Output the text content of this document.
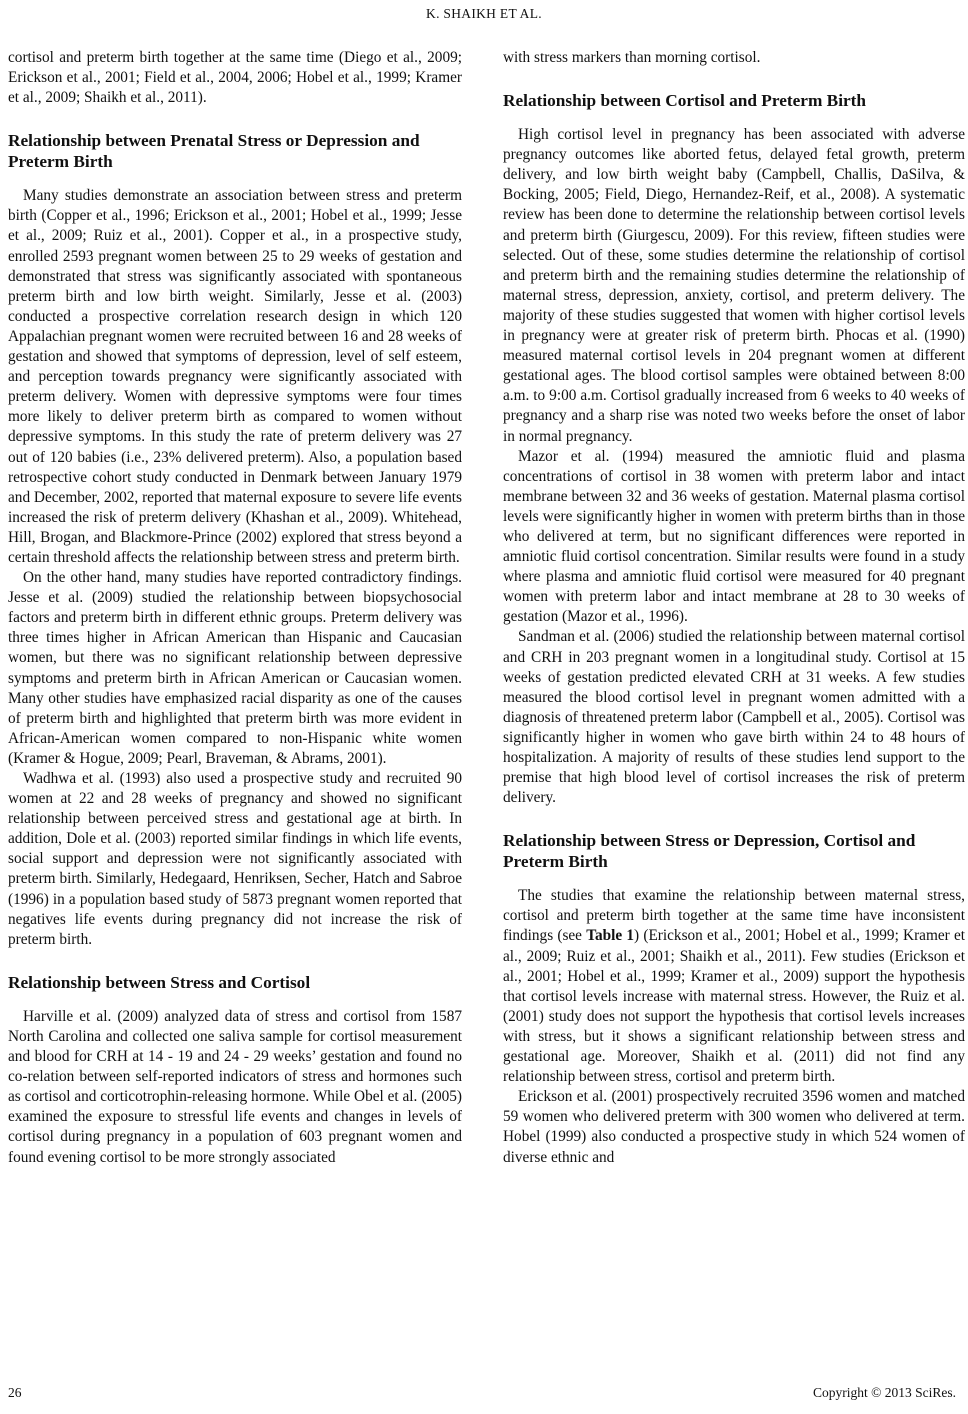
K. SHAIKH ET AL.

cortisol and preterm birth together at the same time (Diego et al., 2009; Erickson et al., 2001; Field et al., 2004, 2006; Hobel et al., 1999; Kramer et al., 2009; Shaikh et al., 2011).

Relationship between Prenatal Stress or Depression and Preterm Birth

Many studies demonstrate an association between stress and preterm birth (Copper et al., 1996; Erickson et al., 2001; Hobel et al., 1999; Jesse et al., 2009; Ruiz et al., 2001). Copper et al., in a prospective study, enrolled 2593 pregnant women between 25 to 29 weeks of gestation and demonstrated that stress was significantly associated with spontaneous preterm birth and low birth weight. Similarly, Jesse et al. (2003) conducted a prospective correlation research design in which 120 Appalachian pregnant women were recruited between 16 and 28 weeks of gestation and showed that symptoms of depression, level of self esteem, and perception towards pregnancy were significantly associated with preterm delivery. Women with depressive symptoms were four times more likely to deliver preterm birth as compared to women without depressive symptoms. In this study the rate of preterm delivery was 27 out of 120 babies (i.e., 23% delivered preterm). Also, a population based retrospective cohort study conducted in Denmark between January 1979 and December, 2002, reported that maternal exposure to severe life events increased the risk of preterm delivery (Khashan et al., 2009). Whitehead, Hill, Brogan, and Blackmore-Prince (2002) explored that stress beyond a certain threshold affects the relationship between stress and preterm birth.

On the other hand, many studies have reported contradictory findings. Jesse et al. (2009) studied the relationship between biopsychosocial factors and preterm birth in different ethnic groups. Preterm delivery was three times higher in African American than Hispanic and Caucasian women, but there was no significant relationship between depressive symptoms and preterm birth in African American or Caucasian women. Many other studies have emphasized racial disparity as one of the causes of preterm birth and highlighted that preterm birth was more evident in African-American women compared to non-Hispanic white women (Kramer & Hogue, 2009; Pearl, Braveman, & Abrams, 2001).

Wadhwa et al. (1993) also used a prospective study and recruited 90 women at 22 and 28 weeks of pregnancy and showed no significant relationship between perceived stress and gestational age at birth. In addition, Dole et al. (2003) reported similar findings in which life events, social support and depression were not significantly associated with preterm birth. Similarly, Hedegaard, Henriksen, Secher, Hatch and Sabroe (1996) in a population based study of 5873 pregnant women reported that negatives life events during pregnancy did not increase the risk of preterm birth.

Relationship between Stress and Cortisol

Harville et al. (2009) analyzed data of stress and cortisol from 1587 North Carolina and collected one saliva sample for cortisol measurement and blood for CRH at 14 - 19 and 24 - 29 weeks’ gestation and found no co-relation between self-reported indicators of stress and hormones such as cortisol and corticotrophin-releasing hormone. While Obel et al. (2005) examined the exposure to stressful life events and changes in levels of cortisol during pregnancy in a population of 603 pregnant women and found evening cortisol to be more strongly associated

with stress markers than morning cortisol.

Relationship between Cortisol and Preterm Birth

High cortisol level in pregnancy has been associated with adverse pregnancy outcomes like aborted fetus, delayed fetal growth, preterm delivery, and low birth weight baby (Campbell, Challis, DaSilva, & Bocking, 2005; Field, Diego, Hernandez-Reif, et al., 2008). A systematic review has been done to determine the relationship between cortisol levels and preterm birth (Giurgescu, 2009). For this review, fifteen studies were selected. Out of these, some studies determine the relationship of cortisol and preterm birth and the remaining studies determine the relationship of maternal stress, depression, anxiety, cortisol, and preterm delivery. The majority of these studies suggested that women with higher cortisol levels in pregnancy were at greater risk of preterm birth. Phocas et al. (1990) measured maternal cortisol levels in 204 pregnant women at different gestational ages. The blood cortisol samples were obtained between 8:00 a.m. to 9:00 a.m. Cortisol gradually increased from 6 weeks to 40 weeks of pregnancy and a sharp rise was noted two weeks before the onset of labor in normal pregnancy.

Mazor et al. (1994) measured the amniotic fluid and plasma concentrations of cortisol in 38 women with preterm labor and intact membrane between 32 and 36 weeks of gestation. Maternal plasma cortisol levels were significantly higher in women with preterm births than in those who delivered at term, but no significant differences were reported in amniotic fluid cortisol concentration. Similar results were found in a study where plasma and amniotic fluid cortisol were measured for 40 pregnant women with preterm labor and intact membrane at 28 to 30 weeks of gestation (Mazor et al., 1996).

Sandman et al. (2006) studied the relationship between maternal cortisol and CRH in 203 pregnant women in a longitudinal study. Cortisol at 15 weeks of gestation predicted elevated CRH at 31 weeks. A few studies measured the blood cortisol level in pregnant women admitted with a diagnosis of threatened preterm labor (Campbell et al., 2005). Cortisol was significantly higher in women who gave birth within 24 to 48 hours of hospitalization. A majority of results of these studies lend support to the premise that high blood level of cortisol increases the risk of preterm delivery.

Relationship between Stress or Depression, Cortisol and Preterm Birth

The studies that examine the relationship between maternal stress, cortisol and preterm birth together at the same time have inconsistent findings (see Table 1) (Erickson et al., 2001; Hobel et al., 1999; Kramer et al., 2009; Ruiz et al., 2001; Shaikh et al., 2011). Few studies (Erickson et al., 2001; Hobel et al., 1999; Kramer et al., 2009) support the hypothesis that cortisol levels increase with maternal stress. However, the Ruiz et al. (2001) study does not support the hypothesis that cortisol levels increases with stress, but it shows a significant relationship between stress and gestational age. Moreover, Shaikh et al. (2011) did not find any relationship between stress, cortisol and preterm birth.

Erickson et al. (2001) prospectively recruited 3596 women and matched 59 women who delivered preterm with 300 women who delivered at term. Hobel (1999) also conducted a prospective study in which 524 women of diverse ethnic and

26	Copyright © 2013 SciRes.
